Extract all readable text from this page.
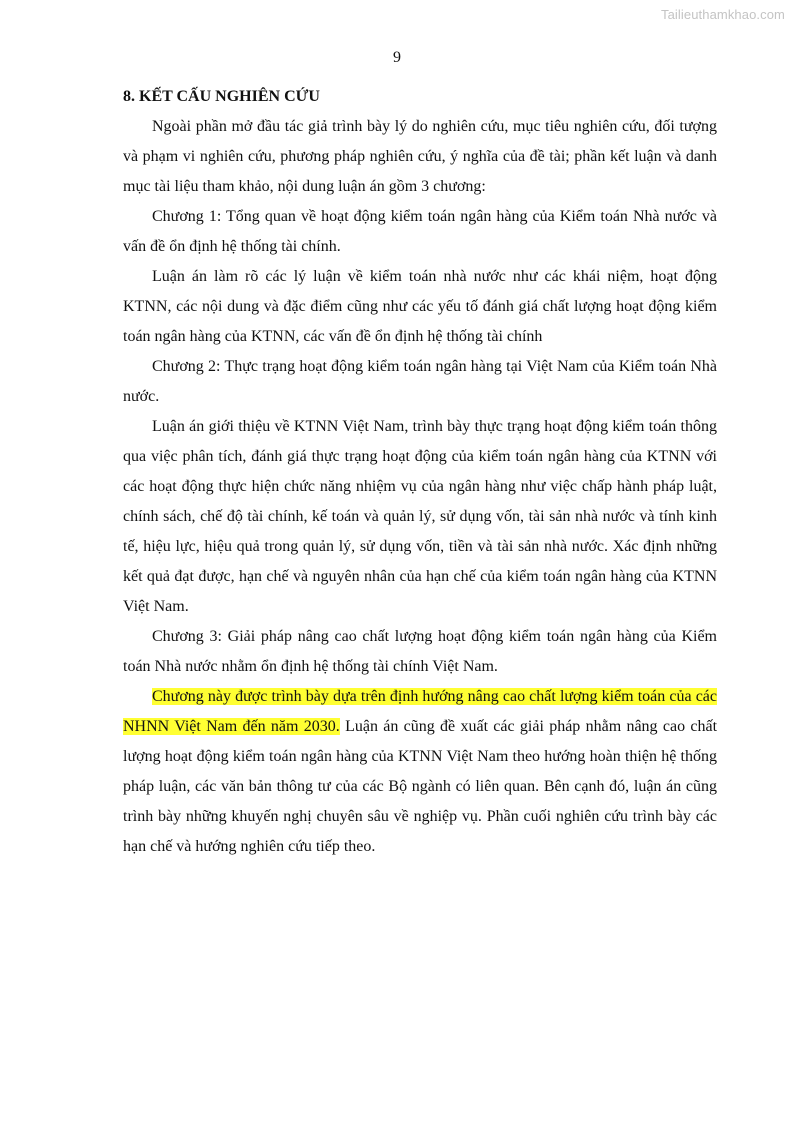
Tailieuthamkhao.com
9

8. KẾT CẤU NGHIÊN CỨU

Ngoài phần mở đầu tác giả trình bày lý do nghiên cứu, mục tiêu nghiên cứu, đối tượng và phạm vi nghiên cứu, phương pháp nghiên cứu, ý nghĩa của đề tài; phần kết luận và danh mục tài liệu tham khảo, nội dung luận án gồm 3 chương:

Chương 1: Tổng quan về hoạt động kiểm toán ngân hàng của Kiểm toán Nhà nước và vấn đề ổn định hệ thống tài chính.

Luận án làm rõ các lý luận về kiểm toán nhà nước như các khái niệm, hoạt động KTNN, các nội dung và đặc điểm cũng như các yếu tố đánh giá chất lượng hoạt động kiểm toán ngân hàng của KTNN, các vấn đề ổn định hệ thống tài chính

Chương 2: Thực trạng hoạt động kiểm toán ngân hàng tại Việt Nam của Kiểm toán Nhà nước.

Luận án giới thiệu về KTNN Việt Nam, trình bày thực trạng hoạt động kiểm toán thông qua việc phân tích, đánh giá thực trạng hoạt động của kiểm toán ngân hàng của KTNN với các hoạt động thực hiện chức năng nhiệm vụ của ngân hàng như việc chấp hành pháp luật, chính sách, chế độ tài chính, kế toán và quản lý, sử dụng vốn, tài sản nhà nước và tính kinh tế, hiệu lực, hiệu quả trong quản lý, sử dụng vốn, tiền và tài sản nhà nước. Xác định những kết quả đạt được, hạn chế và nguyên nhân của hạn chế của kiểm toán ngân hàng của KTNN Việt Nam.

Chương 3: Giải pháp nâng cao chất lượng hoạt động kiểm toán ngân hàng của Kiểm toán Nhà nước nhằm ổn định hệ thống tài chính Việt Nam.

Chương này được trình bày dựa trên định hướng nâng cao chất lượng kiểm toán của các NHNN Việt Nam đến năm 2030. Luận án cũng đề xuất các giải pháp nhằm nâng cao chất lượng hoạt động kiểm toán ngân hàng của KTNN Việt Nam theo hướng hoàn thiện hệ thống pháp luận, các văn bản thông tư của các Bộ ngành có liên quan. Bên cạnh đó, luận án cũng trình bày những khuyến nghị chuyên sâu về nghiệp vụ. Phần cuối nghiên cứu trình bày các hạn chế và hướng nghiên cứu tiếp theo.
